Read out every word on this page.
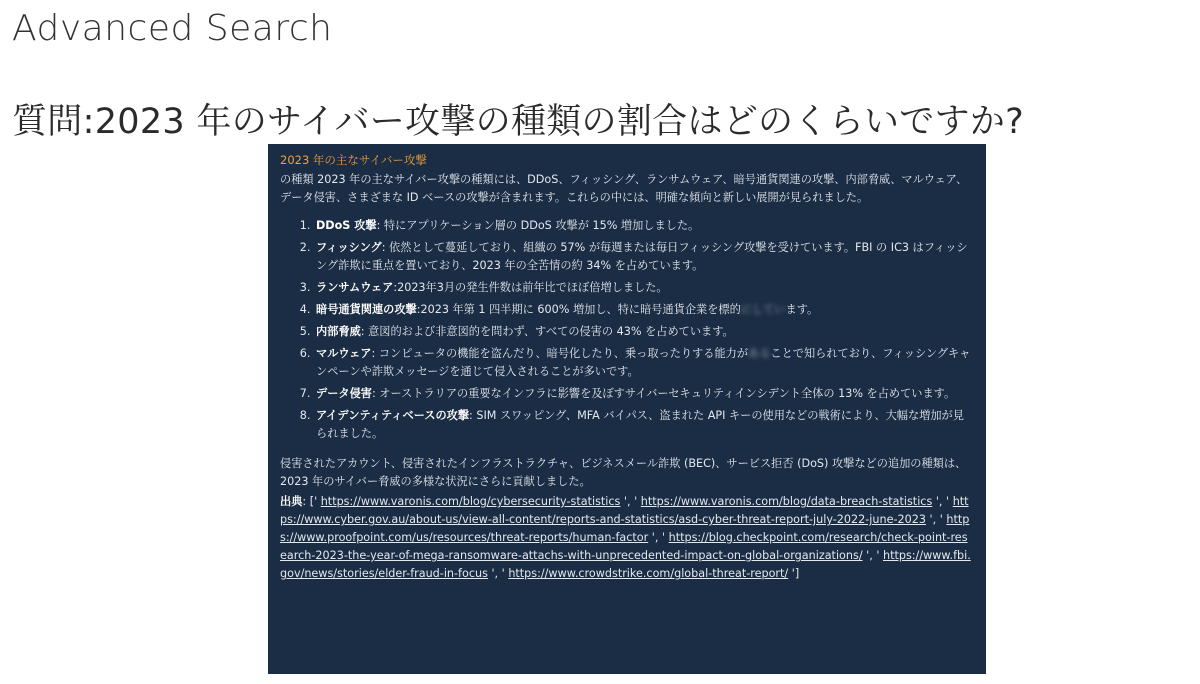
Advanced Search
質問:2023 年のサイバー攻撃の種類の割合はどのくらいですか?
2023 年の主なサイバー攻撃

の種類 2023 年の主なサイバー攻撃の種類には、DDoS、フィッシング、ランサムウェア、暗号通貨関連の攻撃、内部脅威、マルウェア、データ侵害、さまざまな ID ベースの攻撃が含まれます。これらの中には、明確な傾向と新しい展開が見られました。

1. DDoS 攻撃: 特にアプリケーション層の DDoS 攻撃が 15% 増加しました。
2. フィッシング: 依然として蔓延しており、組織の 57% が毎週または毎日フィッシング攻撃を受けています。FBI の IC3 はフィッシング詐欺に重点を置いており、2023 年の全苦情の約 34% を占めています。
3. ランサムウェア:2023年3月の発生件数は前年比でほぼ倍増しました。
4. 暗号通貨関連の攻撃:2023 年第 1 四半期に 600% 増加し、特に暗号通貨企業を標的にしています。
5. 内部脅威: 意図的および非意図的を問わず、すべての侵害の 43% を占めています。
6. マルウェア: コンピュータの機能を盗んだり、暗号化したり、乗っ取ったりする能力があることで知られており、フィッシングキャンペーンや詐欺メッセージを通じて侵入されることが多いです。
7. データ侵害: オーストラリアの重要なインフラに影響を及ぼすサイバーセキュリティインシデント全体の 13% を占めています。
8. アイデンティティベースの攻撃: SIM スワッピング、MFA バイパス、盗まれた API キーの使用などの戦術により、大幅な増加が見られました。

侵害されたアカウント、侵害されたインフラストラクチャ、ビジネスメール詐欺 (BEC)、サービス拒否 (DoS) 攻撃などの追加の種類は、2023 年のサイバー脅威の多様な状況にさらに貢献しました。

出典: [' https://www.varonis.com/blog/cybersecurity-statistics ', ' https://www.varonis.com/blog/data-breach-statistics ', ' https://www.cyber.gov.au/about-us/view-all-content/reports-and-statistics/asd-cyber-threat-report-july-2022-june-2023 ', ' https://www.proofpoint.com/us/resources/threat-reports/human-factor ', ' https://blog.checkpoint.com/research/check-point-research-2023-the-year-of-mega-ransomware-attachs-with-unprecedented-impact-on-global-organizations/ ', ' https://www.fbi.gov/news/stories/elder-fraud-in-focus ', ' https://www.crowdstrike.com/global-threat-report/ ']
